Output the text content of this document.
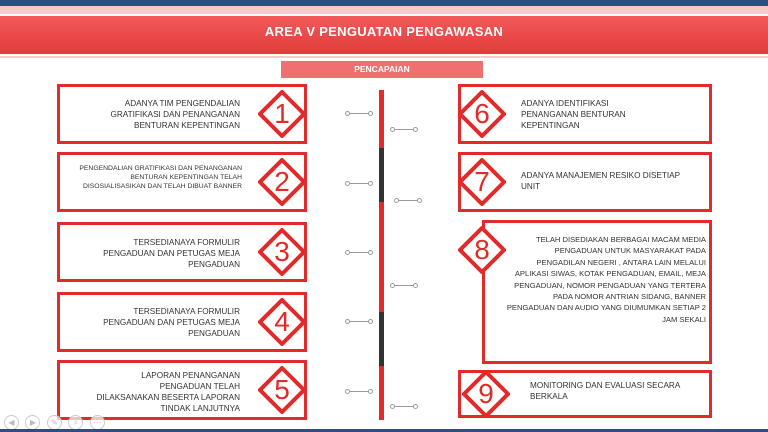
AREA V PENGUATAN PENGAWASAN
PENCAPAIAN
ADANYA TIM PENGENDALIAN GRATIFIKASI DAN PENANGANAN BENTURAN KEPENTINGAN
PENGENDALIAN GRATIFIKASI DAN PENANGANAN BENTURAN KEPENTINGAN TELAH DISOSIALISASIKAN DAN TELAH DIBUAT BANNER
TERSEDIANAYA FORMULIR PENGADUAN DAN PETUGAS MEJA PENGADUAN
TERSEDIANAYA FORMULIR PENGADUAN DAN PETUGAS MEJA PENGADUAN
LAPORAN PENANGANAN PENGADUAN TELAH DILAKSANAKAN BESERTA LAPORAN TINDAK LANJUTNYA
ADANYA IDENTIFIKASI PENANGANAN BENTURAN KEPENTINGAN
ADANYA MANAJEMEN RESIKO DISETIAP UNIT
TELAH DISEDIAKAN BERBAGAI MACAM MEDIA PENGADUAN UNTUK MASYARAKAT PADA PENGADILAN NEGERI , ANTARA LAIN MELALUI APLIKASI SIWAS, KOTAK PENGADUAN, EMAIL, MEJA PENGADUAN, NOMOR PENGADUAN YANG TERTERA PADA NOMOR ANTRIAN SIDANG, BANNER PENGADUAN DAN AUDIO YANG DIUMUMKAN SETIAP 2 JAM SEKALI
MONITORING DAN EVALUASI SECARA BERKALA
1
2
3
4
5
6
7
8
9
◀ ▶ ✎ ⌕ ⋯
